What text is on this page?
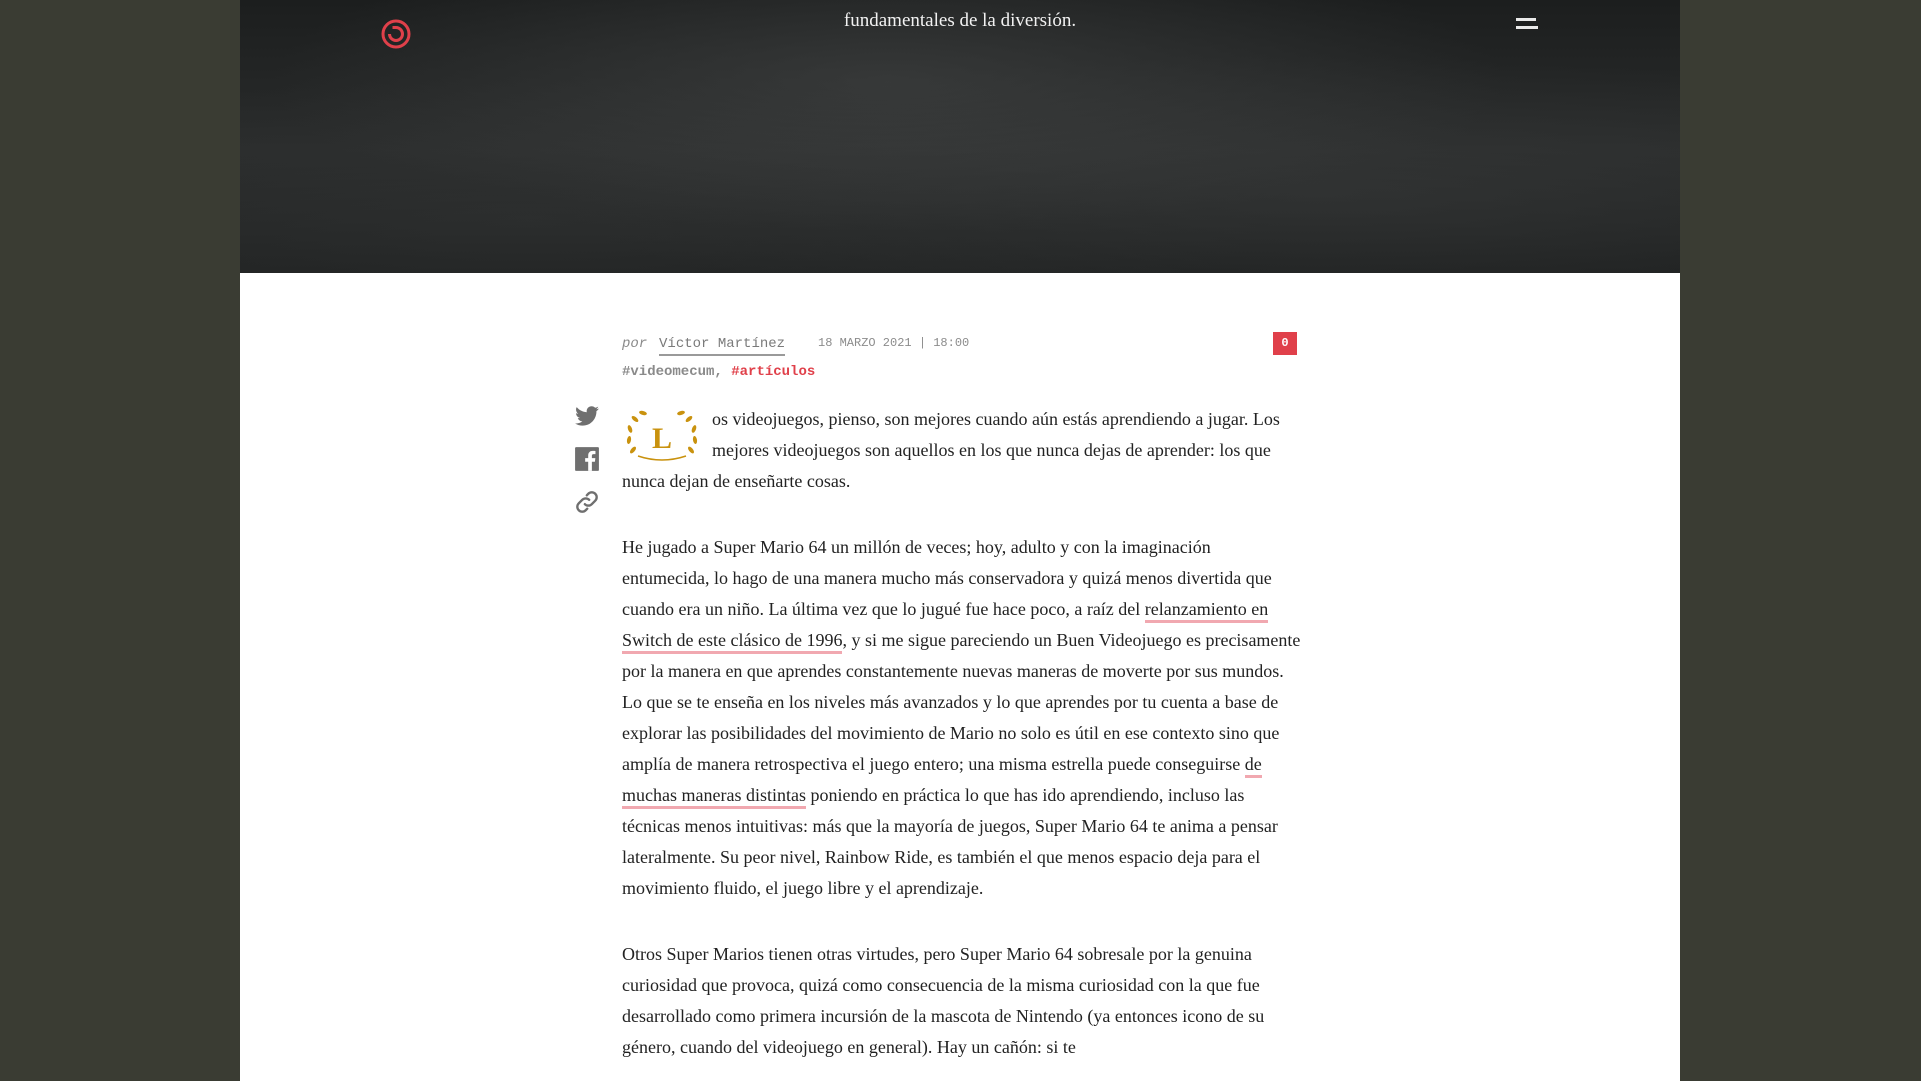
fundamentales de la diversión.
por Víctor Martínez	18 MARZO 2021 | 18:00	0
#videomecum, #artículos

L
os videojuegos, pienso, son mejores cuando aún estás aprendiendo a jugar. Los mejores videojuegos son aquellos en los que nunca dejas de aprender: los que nunca dejan de enseñarte cosas.

He jugado a Super Mario 64 un millón de veces; hoy, adulto y con la imaginación entumecida, lo hago de una manera mucho más conservadora y quizá menos divertida que cuando era un niño. La última vez que lo jugué fue hace poco, a raíz del relanzamiento en Switch de este clásico de 1996, y si me sigue pareciendo un Buen Videojuego es precisamente por la manera en que aprendes constantemente nuevas maneras de moverte por sus mundos. Lo que se te enseña en los niveles más avanzados y lo que aprendes por tu cuenta a base de explorar las posibilidades del movimiento de Mario no solo es útil en ese contexto sino que amplía de manera retrospectiva el juego entero; una misma estrella puede conseguirse de muchas maneras distintas poniendo en práctica lo que has ido aprendiendo, incluso las técnicas menos intuitivas: más que la mayoría de juegos, Super Mario 64 te anima a pensar lateralmente. Su peor nivel, Rainbow Ride, es también el que menos espacio deja para el movimiento fluido, el juego libre y el aprendizaje.

Otros Super Marios tienen otras virtudes, pero Super Mario 64 sobresale por la genuina curiosidad que provoca, quizá como consecuencia de la misma curiosidad con la que fue desarrollado como primera incursión de la mascota de Nintendo (ya entonces icono de su género, cuando del videojuego en general). Hay un cañón: si te
